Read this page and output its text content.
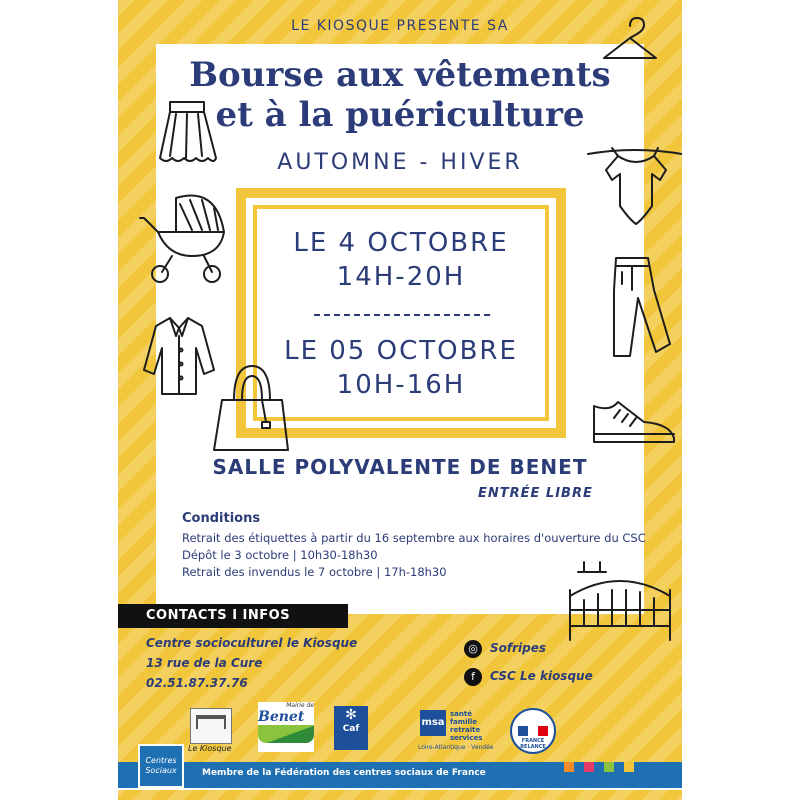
LE KIOSQUE PRESENTE SA
Bourse aux vêtements
et à la puériculture
AUTOMNE - HIVER
LE 4 OCTOBRE
14H-20H
LE 05 OCTOBRE
10H-16H
SALLE POLYVALENTE DE BENET
ENTRÉE LIBRE
Conditions
Retrait des étiquettes à partir du 16 septembre aux horaires d'ouverture du CSC
Dépôt le 3 octobre | 10h30-18h30
Retrait des invendus le 7 octobre | 17h-18h30
CONTACTS I INFOS
Centre socioculturel le Kiosque
13 rue de la Cure
02.51.87.37.76
◎	Sofripes
f	CSC Le kiosque
Le Kiosque
Mairie de
Benet	✻
Caf
msa
santé
famille
retraite
services
Loire-Atlantique · Vendée
FRANCE RELANCE
Centres Sociaux	Membre de la Fédération des centres sociaux de France
